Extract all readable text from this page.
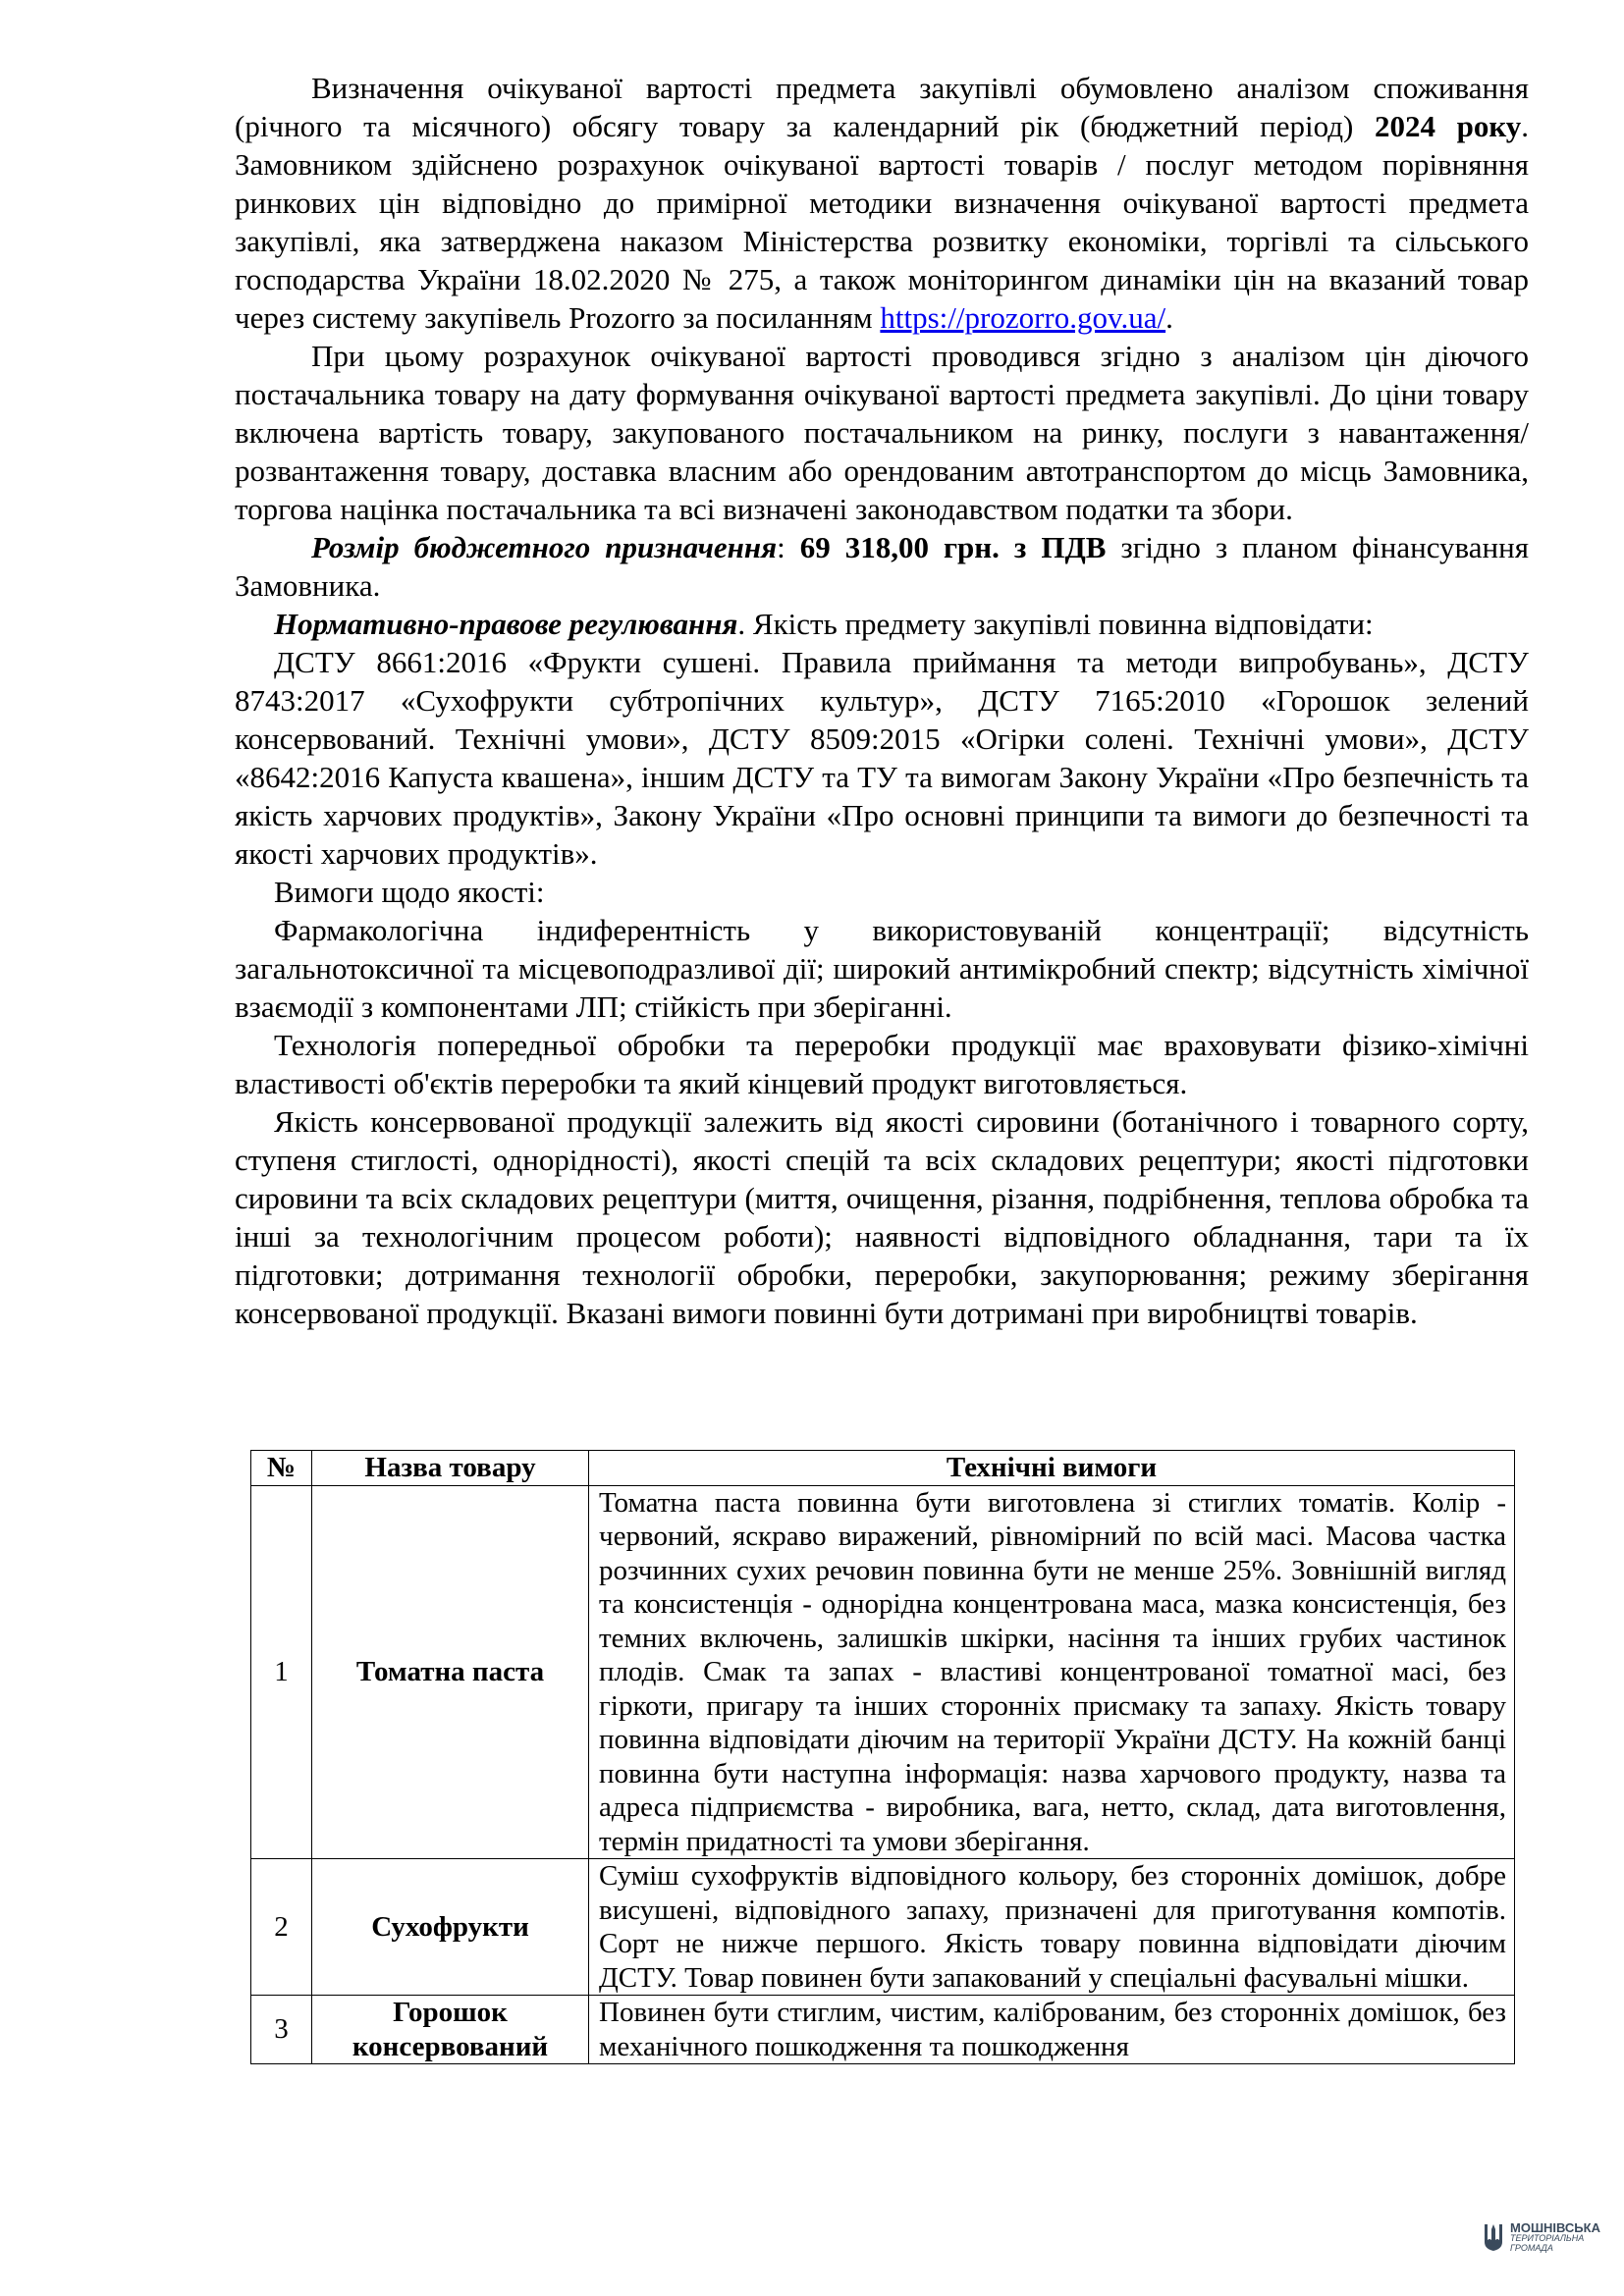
Визначення очікуваної вартості предмета закупівлі обумовлено аналізом споживання (річного та місячного) обсягу товару за календарний рік (бюджетний період) 2024 року. Замовником здійснено розрахунок очікуваної вартості товарів / послуг методом порівняння ринкових цін відповідно до примірної методики визначення очікуваної вартості предмета закупівлі, яка затверджена наказом Міністерства розвитку економіки, торгівлі та сільського господарства України 18.02.2020 № 275, а також моніторингом динаміки цін на вказаний товар через систему закупівель Prozorro за посиланням https://prozorro.gov.ua/.

При цьому розрахунок очікуваної вартості проводився згідно з аналізом цін діючого постачальника товару на дату формування очікуваної вартості предмета закупівлі. До ціни товару включена вартість товару, закупованого постачальником на ринку, послуги з навантаження/розвантаження товару, доставка власним або орендованим автотранспортом до місць Замовника, торгова націнка постачальника та всі визначені законодавством податки та збори.

Розмір бюджетного призначення: 69 318,00 грн. з ПДВ згідно з планом фінансування Замовника.

Нормативно-правове регулювання. Якість предмету закупівлі повинна відповідати:

ДСТУ 8661:2016 «Фрукти сушені. Правила приймання та методи випробувань», ДСТУ 8743:2017 «Сухофрукти субтропічних культур», ДСТУ 7165:2010 «Горошок зелений консервований. Технічні умови», ДСТУ 8509:2015 «Огірки солені. Технічні умови», ДСТУ «8642:2016 Капуста квашена», іншим ДСТУ та ТУ та вимогам Закону України «Про безпечність та якість харчових продуктів», Закону України «Про основні принципи та вимоги до безпечності та якості харчових продуктів».

Вимоги щодо якості:

Фармакологічна індиферентність у використовуваній концентрації; відсутність загальнотоксичної та місцевоподразливої дії; широкий антимікробний спектр; відсутність хімічної взаємодії з компонентами ЛП; стійкість при зберіганні.

Технологія попередньої обробки та переробки продукції має враховувати фізико-хімічні властивості об'єктів переробки та який кінцевий продукт виготовляється.

Якість консервованої продукції залежить від якості сировини (ботанічного і товарного сорту, ступеня стиглості, однорідності), якості спецій та всіх складових рецептури; якості підготовки сировини та всіх складових рецептури (миття, очищення, різання, подрібнення, теплова обробка та інші за технологічним процесом роботи); наявності відповідного обладнання, тари та їх підготовки; дотримання технології обробки, переробки, закупорювання; режиму зберігання консервованої продукції. Вказані вимоги повинні бути дотримані при виробництві товарів.

№	Назва товару	Технічні вимоги
1	Томатна паста	Томатна паста повинна бути виготовлена зі стиглих томатів. Колір - червоний, яскраво виражений, рівномірний по всій масі. Масова частка розчинних сухих речовин повинна бути не менше 25%. Зовнішній вигляд та консистенція - однорідна концентрована маса, мазка консистенція, без темних включень, залишків шкірки, насіння та інших грубих частинок плодів. Смак та запах - властиві концентрованої томатної масі, без гіркоти, пригару та інших сторонніх присмаку та запаху. Якість товару повинна відповідати діючим на території України ДСТУ. На кожній банці повинна бути наступна інформація: назва харчового продукту, назва та адреса підприємства - виробника, вага, нетто, склад, дата виготовлення, термін придатності та умови зберігання.
2	Сухофрукти	Суміш сухофруктів відповідного кольору, без сторонніх домішок, добре висушені, відповідного запаху, призначені для приготування компотів. Сорт не нижче першого. Якість товару повинна відповідати діючим ДСТУ. Товар повинен бути запакований у спеціальні фасувальні мішки.
3	Горошок консервований	Повинен бути стиглим, чистим, каліброваним, без сторонніх домішок, без механічного пошкодження та пошкодження
МОШНІВСЬКА
ТЕРИТОРІАЛЬНА
ГРОМАДА
